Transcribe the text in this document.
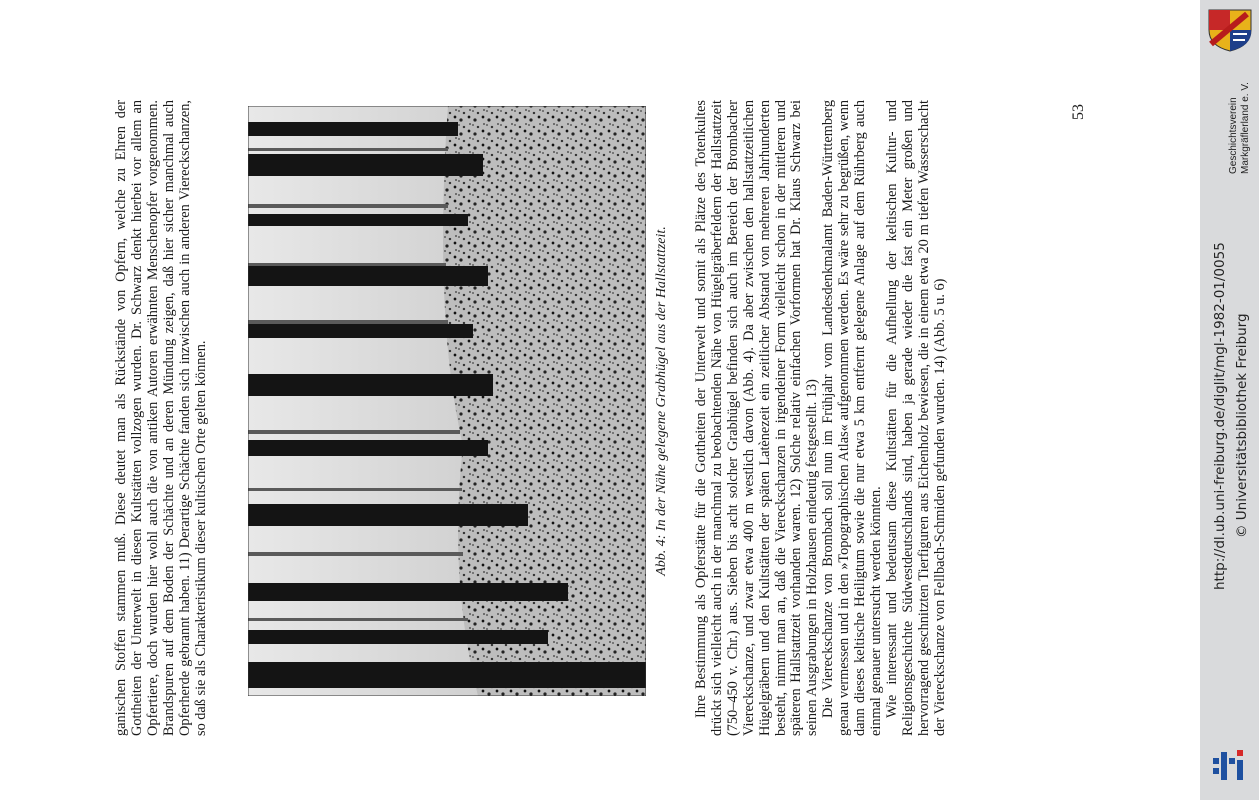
ganischen Stoffen stammen muß. Diese deutet man als Rückstände von Opfern, welche zu Ehren der Gottheiten der Unterwelt in diesen Kultstätten vollzogen wurden. Dr. Schwarz denkt hierbei vor allem an Opfertiere, doch wurden hier wohl auch die von antiken Autoren erwähnten Menschenopfer vorgenommen. Brandspuren auf dem Boden der Schächte und an deren Mündung zeigen, daß hier sicher manchmal auch Opferherde gebrannt haben. 11) Derartige Schächte fanden sich inzwischen auch in anderen Viereckschanzen, so daß sie als Charakteristikum dieser kultischen Orte gelten können.	Abb. 4: In der Nähe gelegene Grabhügel aus der Hallstattzeit. Ihre Bestimmung als Opferstätte für die Gottheiten der Unterwelt und somit als Plätze des Totenkultes drückt sich vielleicht auch in der manchmal zu beobachtenden Nähe von Hügelgräberfeldern der Hallstattzeit (750–450 v. Chr.) aus. Sieben bis acht solcher Grabhügel befinden sich auch im Bereich der Brombacher Viereckschanze, und zwar etwa 400 m westlich davon (Abb. 4). Da aber zwischen den hallstattzeitlichen Hügelgräbern und den Kultstätten der späten Latènezeit ein zeitlicher Abstand von mehreren Jahrhunderten besteht, nimmt man an, daß die Viereckschanzen in irgendeiner Form vielleicht schon in der mittleren und späteren Hallstattzeit vorhanden waren. 12) Solche relativ einfachen Vorformen hat Dr. Klaus Schwarz bei seinen Ausgrabungen in Holzhausen eindeutig festgestellt. 13) Die Viereckschanze von Brombach soll nun im Frühjahr vom Landesdenkmalamt Baden-Württemberg genau vermessen und in den »Topographischen Atlas« aufgenommen werden. Es wäre sehr zu begrüßen, wenn dann dieses keltische Heiligtum sowie die nur etwa 5 km entfernt gelegene Anlage auf dem Rührberg auch einmal genauer untersucht werden könnten. Wie interessant und bedeutsam diese Kultstätten für die Aufhellung der keltischen Kultur- und Religionsgeschichte Südwestdeutschlands sind, haben ja gerade wieder die fast ein Meter großen und hervorragend geschnitzten Tierfiguren aus Eichenholz bewiesen, die in einem etwa 20 m tiefen Wasserschacht der Viereckschanze von Fellbach-Schmiden gefunden wurden. 14) (Abb. 5 u. 6)

53
http://dl.ub.uni-freiburg.de/diglit/mgl-1982-01/0055 © Universitätsbibliothek Freiburg
Geschichtsverein Markgräflerland e. V.
